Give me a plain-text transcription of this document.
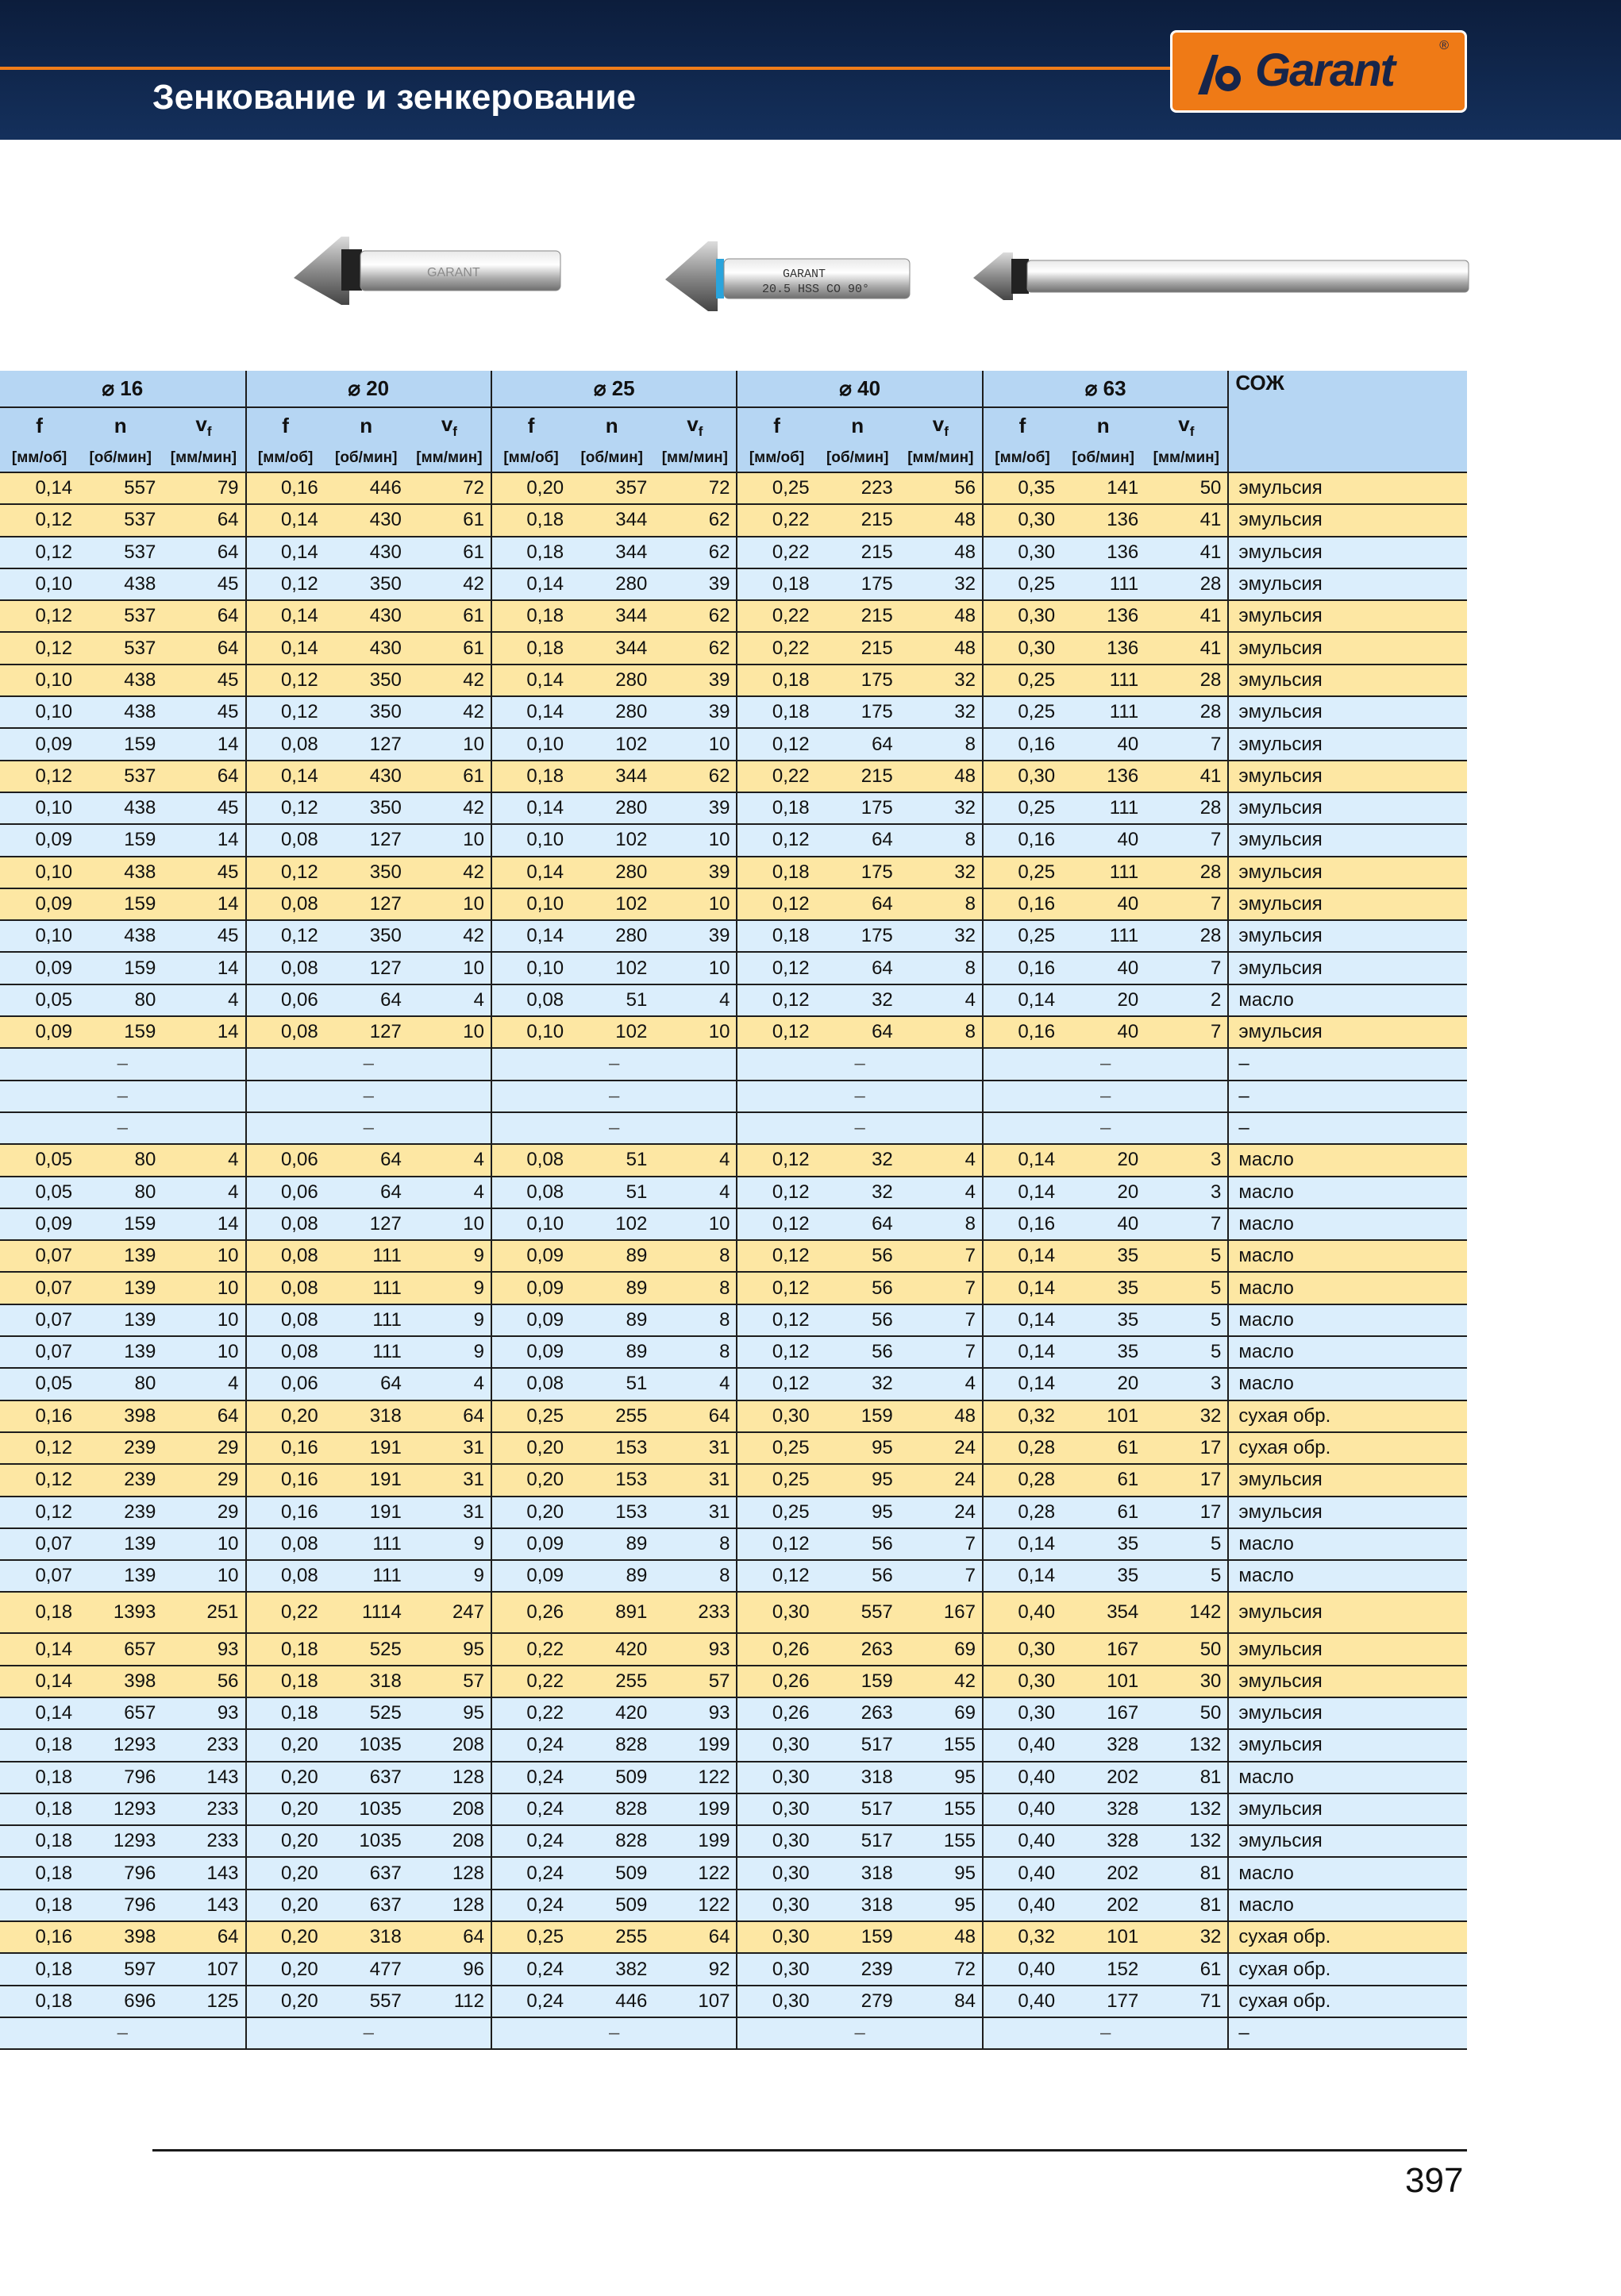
Зенкование и зенкерование
Garant	®
GARANT	GARANT
20.5 HSS CO 90°
⌀ 16			⌀ 20			⌀ 25			⌀ 40			⌀ 63			СОЖ
f	n	$v_f$	f	n	$v_f$	f	n	$v_f$	f	n	$v_f$	f	n	$v_f$
[мм/об]	[об/мин]	[мм/мин]	[мм/об]	[об/мин]	[мм/мин]	[мм/об]	[об/мин]	[мм/мин]	[мм/об]	[об/мин]	[мм/мин]	[мм/об]	[об/мин]	[мм/мин]	
0,14	557	79	0,16	446	72	0,20	357	72	0,25	223	56	0,35	141	50	эмульсия
0,12	537	64	0,14	430	61	0,18	344	62	0,22	215	48	0,30	136	41	эмульсия
0,12	537	64	0,14	430	61	0,18	344	62	0,22	215	48	0,30	136	41	эмульсия
0,10	438	45	0,12	350	42	0,14	280	39	0,18	175	32	0,25	111	28	эмульсия
0,12	537	64	0,14	430	61	0,18	344	62	0,22	215	48	0,30	136	41	эмульсия
0,12	537	64	0,14	430	61	0,18	344	62	0,22	215	48	0,30	136	41	эмульсия
0,10	438	45	0,12	350	42	0,14	280	39	0,18	175	32	0,25	111	28	эмульсия
0,10	438	45	0,12	350	42	0,14	280	39	0,18	175	32	0,25	111	28	эмульсия
0,09	159	14	0,08	127	10	0,10	102	10	0,12	64	8	0,16	40	7	эмульсия
0,12	537	64	0,14	430	61	0,18	344	62	0,22	215	48	0,30	136	41	эмульсия
0,10	438	45	0,12	350	42	0,14	280	39	0,18	175	32	0,25	111	28	эмульсия
0,09	159	14	0,08	127	10	0,10	102	10	0,12	64	8	0,16	40	7	эмульсия
0,10	438	45	0,12	350	42	0,14	280	39	0,18	175	32	0,25	111	28	эмульсия
0,09	159	14	0,08	127	10	0,10	102	10	0,12	64	8	0,16	40	7	эмульсия
0,10	438	45	0,12	350	42	0,14	280	39	0,18	175	32	0,25	111	28	эмульсия
0,09	159	14	0,08	127	10	0,10	102	10	0,12	64	8	0,16	40	7	эмульсия
0,05	80	4	0,06	64	4	0,08	51	4	0,12	32	4	0,14	20	2	масло
0,09	159	14	0,08	127	10	0,10	102	10	0,12	64	8	0,16	40	7	эмульсия
–			–			–			–			–			–
–			–			–			–			–			–
–			–			–			–			–			–
0,05	80	4	0,06	64	4	0,08	51	4	0,12	32	4	0,14	20	3	масло
0,05	80	4	0,06	64	4	0,08	51	4	0,12	32	4	0,14	20	3	масло
0,09	159	14	0,08	127	10	0,10	102	10	0,12	64	8	0,16	40	7	масло
0,07	139	10	0,08	111	9	0,09	89	8	0,12	56	7	0,14	35	5	масло
0,07	139	10	0,08	111	9	0,09	89	8	0,12	56	7	0,14	35	5	масло
0,07	139	10	0,08	111	9	0,09	89	8	0,12	56	7	0,14	35	5	масло
0,07	139	10	0,08	111	9	0,09	89	8	0,12	56	7	0,14	35	5	масло
0,05	80	4	0,06	64	4	0,08	51	4	0,12	32	4	0,14	20	3	масло
0,16	398	64	0,20	318	64	0,25	255	64	0,30	159	48	0,32	101	32	сухая обр.
0,12	239	29	0,16	191	31	0,20	153	31	0,25	95	24	0,28	61	17	сухая обр.
0,12	239	29	0,16	191	31	0,20	153	31	0,25	95	24	0,28	61	17	эмульсия
0,12	239	29	0,16	191	31	0,20	153	31	0,25	95	24	0,28	61	17	эмульсия
0,07	139	10	0,08	111	9	0,09	89	8	0,12	56	7	0,14	35	5	масло
0,07	139	10	0,08	111	9	0,09	89	8	0,12	56	7	0,14	35	5	масло
0,18	1393	251	0,22	1114	247	0,26	891	233	0,30	557	167	0,40	354	142	эмульсия
0,14	657	93	0,18	525	95	0,22	420	93	0,26	263	69	0,30	167	50	эмульсия
0,14	398	56	0,18	318	57	0,22	255	57	0,26	159	42	0,30	101	30	эмульсия
0,14	657	93	0,18	525	95	0,22	420	93	0,26	263	69	0,30	167	50	эмульсия
0,18	1293	233	0,20	1035	208	0,24	828	199	0,30	517	155	0,40	328	132	эмульсия
0,18	796	143	0,20	637	128	0,24	509	122	0,30	318	95	0,40	202	81	масло
0,18	1293	233	0,20	1035	208	0,24	828	199	0,30	517	155	0,40	328	132	эмульсия
0,18	1293	233	0,20	1035	208	0,24	828	199	0,30	517	155	0,40	328	132	эмульсия
0,18	796	143	0,20	637	128	0,24	509	122	0,30	318	95	0,40	202	81	масло
0,18	796	143	0,20	637	128	0,24	509	122	0,30	318	95	0,40	202	81	масло
0,16	398	64	0,20	318	64	0,25	255	64	0,30	159	48	0,32	101	32	сухая обр.
0,18	597	107	0,20	477	96	0,24	382	92	0,30	239	72	0,40	152	61	сухая обр.
0,18	696	125	0,20	557	112	0,24	446	107	0,30	279	84	0,40	177	71	сухая обр.
–			–			–			–			–			–
397
